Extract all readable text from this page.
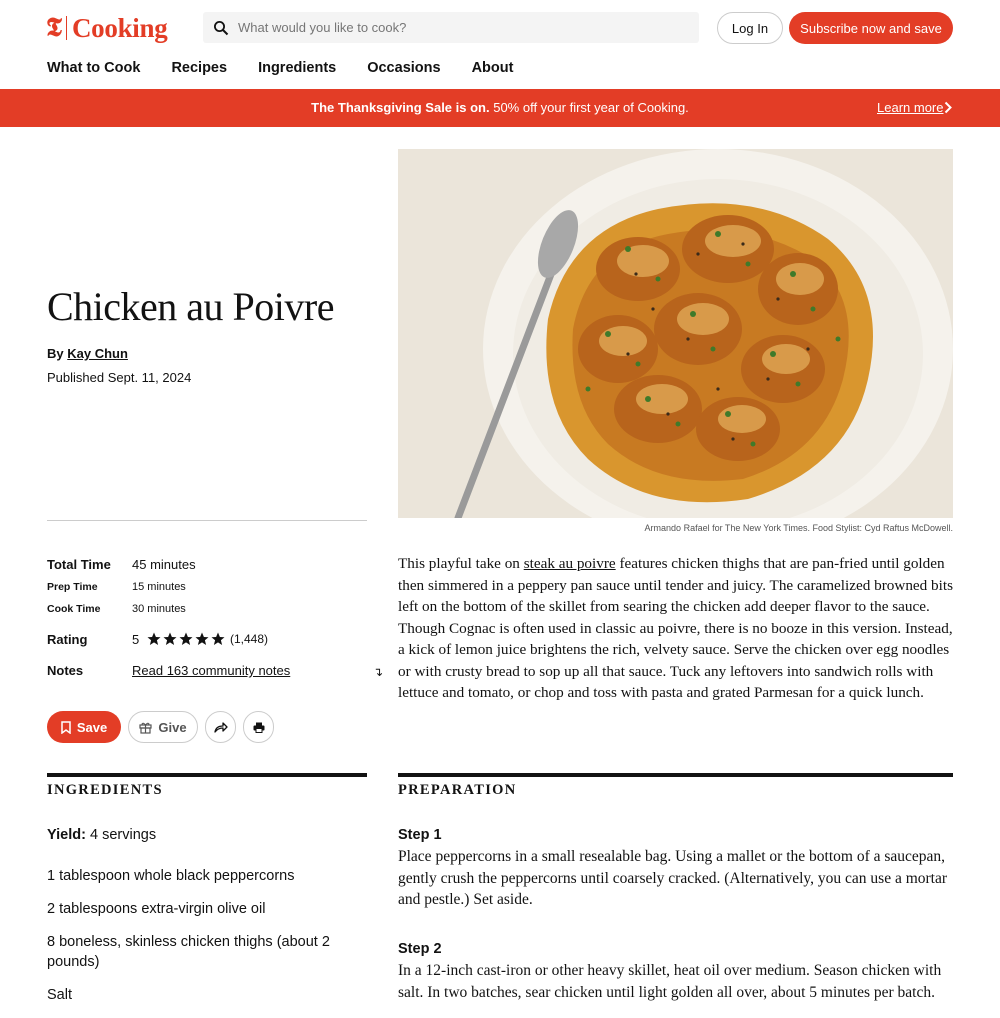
𝕿 Cooking
What would you like to cook?	Log In	Subscribe now and save
What to Cook Recipes Ingredients Occasions About
The Thanksgiving Sale is on. 50% off your first year of Cooking.	Learn more
Chicken au Poivre
By Kay Chun
Published Sept. 11, 2024
Armando Rafael for The New York Times. Food Stylist: Cyd Raftus McDowell.

This playful take on steak au poivre features chicken thighs that are pan-fried until golden then simmered in a peppery pan sauce until tender and juicy. The caramelized browned bits left on the bottom of the skillet from searing the chicken add deeper flavor to the sauce. Though Cognac is often used in classic au poivre, there is no booze in this version. Instead, a kick of lemon juice brightens the rich, velvety sauce. Serve the chicken over egg noodles or with crusty bread to sop up all that sauce. Tuck any leftovers into sandwich rolls with lettuce and tomato, or chop and toss with pasta and grated Parmesan for a quick lunch.

Total Time 45 minutes
Prep Time	15 minutes
Cook Time	30 minutes
Rating	5	(1,448)
Notes	Read 163 community notes	↴
Save	Give
INGREDIENTS
Yield: 4 servings
1 tablespoon whole black peppercorns
2 tablespoons extra-virgin olive oil
8 boneless, skinless chicken thighs (about 2 pounds)
Salt
PREPARATION
Step 1
Place peppercorns in a small resealable bag. Using a mallet or the bottom of a saucepan, gently crush the peppercorns until coarsely cracked. (Alternatively, you can use a mortar and pestle.) Set aside.
Step 2
In a 12-inch cast-iron or other heavy skillet, heat oil over medium. Season chicken with salt. In two batches, sear chicken until light golden all over, about 5 minutes per batch.
